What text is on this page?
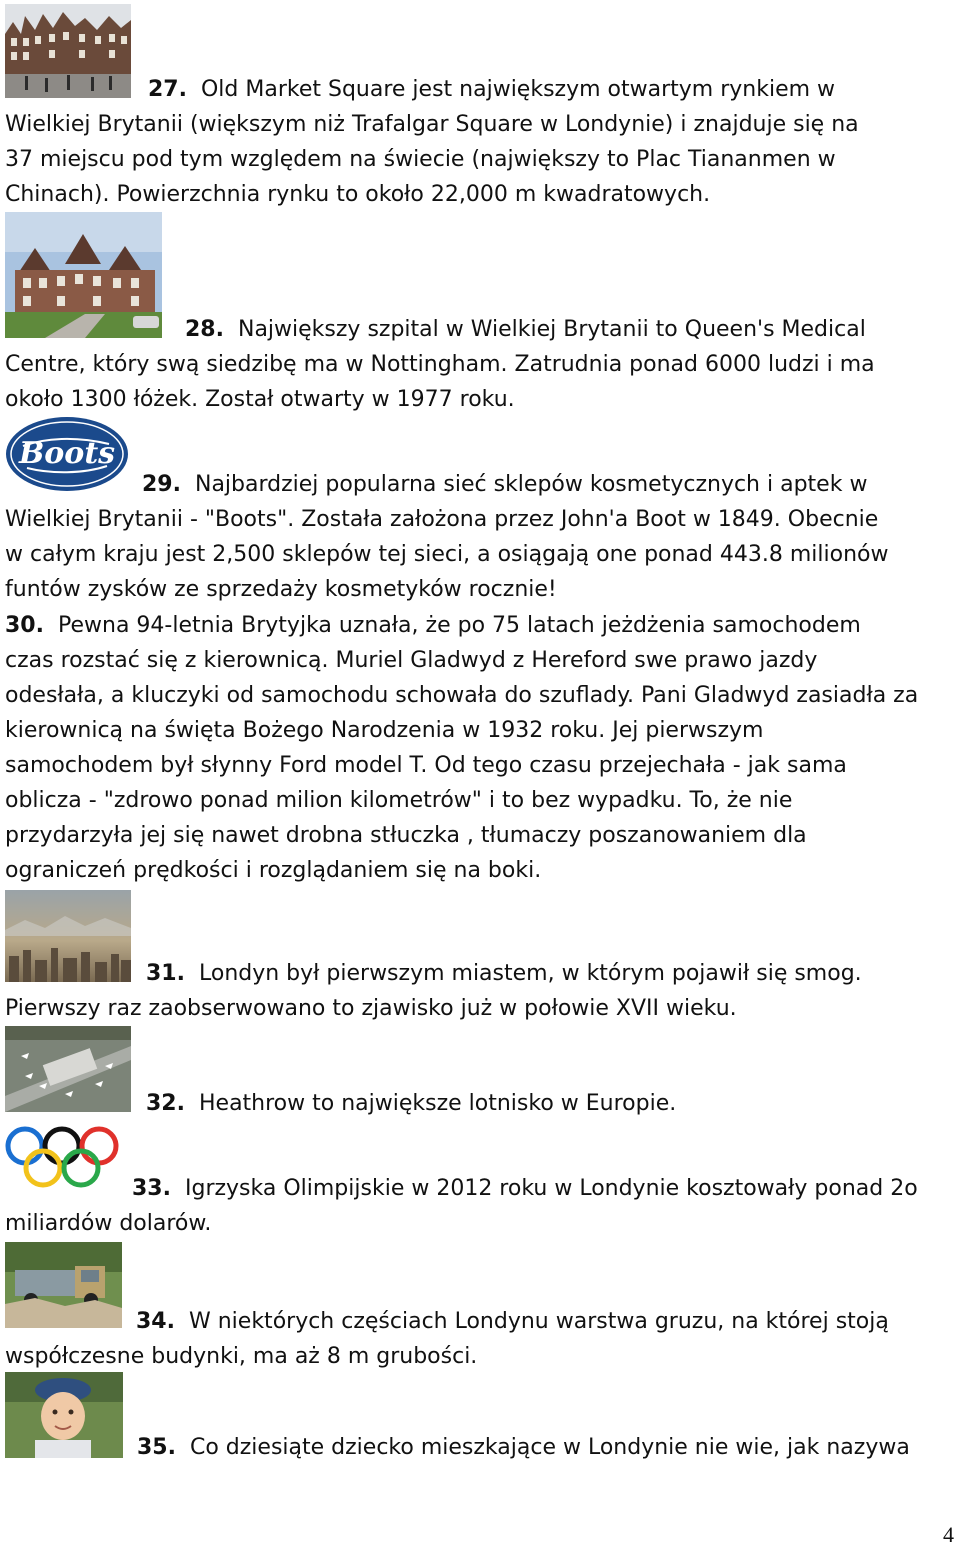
27. Old Market Square jest największym otwartym rynkiem w
Wielkiej Brytanii (większym niż Trafalgar Square w Londynie) i znajduje się na
37 miejscu pod tym względem na świecie (największy to Plac Tiananmen w
Chinach). Powierzchnia rynku to około 22,000 m kwadratowych.
28. Największy szpital w Wielkiej Brytanii to Queen's Medical
Centre, który swą siedzibę ma w Nottingham. Zatrudnia ponad 6000 ludzi i ma
około 1300 łóżek. Został otwarty w 1977 roku.
Boots
29. Najbardziej popularna sieć sklepów kosmetycznych i aptek w
Wielkiej Brytanii - "Boots". Została założona przez John'a Boot w 1849. Obecnie
w całym kraju jest 2,500 sklepów tej sieci, a osiągają one ponad 443.8 milionów
funtów zysków ze sprzedaży kosmetyków rocznie!
30. Pewna 94-letnia Brytyjka uznała, że po 75 latach jeżdżenia samochodem
czas rozstać się z kierownicą. Muriel Gladwyd z Hereford swe prawo jazdy
odesłała, a kluczyki od samochodu schowała do szuflady. Pani Gladwyd zasiadła za
kierownicą na święta Bożego Narodzenia w 1932 roku. Jej pierwszym
samochodem był słynny Ford model T. Od tego czasu przejechała - jak sama
oblicza - "zdrowo ponad milion kilometrów" i to bez wypadku. To, że nie
przydarzyła jej się nawet drobna stłuczka , tłumaczy poszanowaniem dla
ograniczeń prędkości i rozglądaniem się na boki.
31. Londyn był pierwszym miastem, w którym pojawił się smog.
Pierwszy raz zaobserwowano to zjawisko już w połowie XVII wieku.
32. Heathrow to największe lotnisko w Europie.
33. Igrzyska Olimpijskie w 2012 roku w Londynie kosztowały ponad 2o
miliardów dolarów.
34. W niektórych częściach Londynu warstwa gruzu, na której stoją
współczesne budynki, ma aż 8 m grubości.
35. Co dziesiąte dziecko mieszkające w Londynie nie wie, jak nazywa
4
